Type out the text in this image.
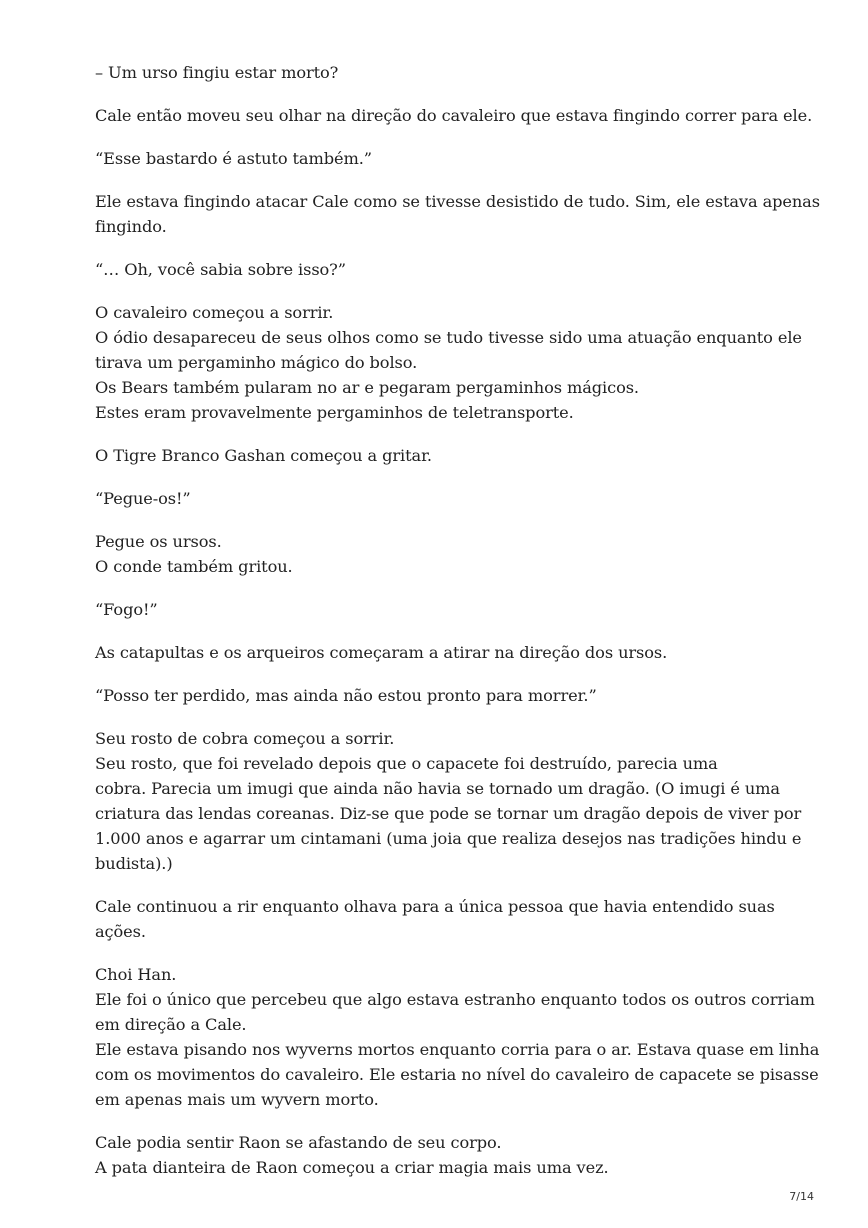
– Um urso fingiu estar morto?

Cale então moveu seu olhar na direção do cavaleiro que estava fingindo correr para ele.

“Esse bastardo é astuto também.”

Ele estava fingindo atacar Cale como se tivesse desistido de tudo. Sim, ele estava apenas
fingindo.

“… Oh, você sabia sobre isso?”

O cavaleiro começou a sorrir.
O ódio desapareceu de seus olhos como se tudo tivesse sido uma atuação enquanto ele
tirava um pergaminho mágico do bolso.
Os Bears também pularam no ar e pegaram pergaminhos mágicos.
Estes eram provavelmente pergaminhos de teletransporte.

O Tigre Branco Gashan começou a gritar.

“Pegue-os!”

Pegue os ursos.
O conde também gritou.

“Fogo!”

As catapultas e os arqueiros começaram a atirar na direção dos ursos.

“Posso ter perdido, mas ainda não estou pronto para morrer.”

Seu rosto de cobra começou a sorrir.
Seu rosto, que foi revelado depois que o capacete foi destruído, parecia uma
cobra. Parecia um imugi que ainda não havia se tornado um dragão. (O imugi é uma
criatura das lendas coreanas. Diz-se que pode se tornar um dragão depois de viver por
1.000 anos e agarrar um cintamani (uma joia que realiza desejos nas tradições hindu e
budista).)

Cale continuou a rir enquanto olhava para a única pessoa que havia entendido suas
ações.

Choi Han.
Ele foi o único que percebeu que algo estava estranho enquanto todos os outros corriam
em direção a Cale.
Ele estava pisando nos wyverns mortos enquanto corria para o ar. Estava quase em linha
com os movimentos do cavaleiro. Ele estaria no nível do cavaleiro de capacete se pisasse
em apenas mais um wyvern morto.

Cale podia sentir Raon se afastando de seu corpo.
A pata dianteira de Raon começou a criar magia mais uma vez.

7/14
